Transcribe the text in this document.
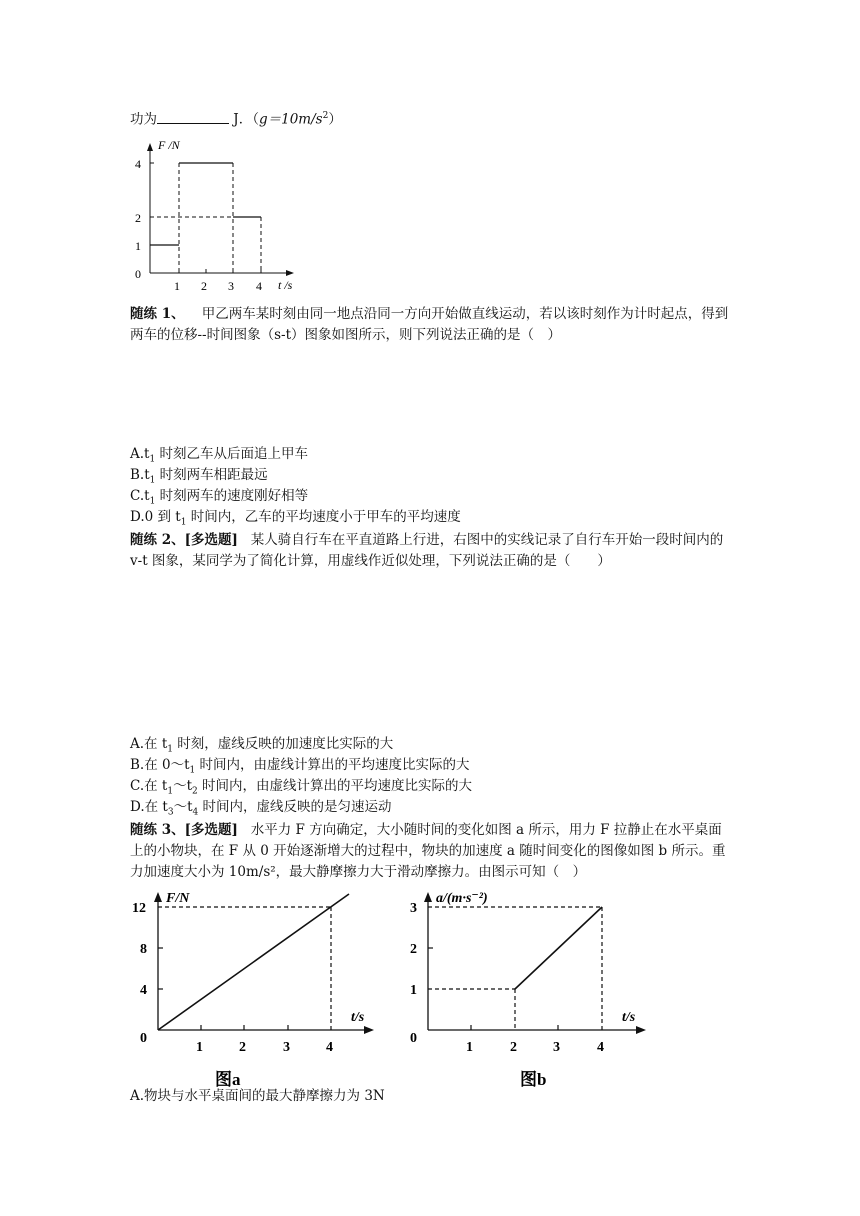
功为	J．$(g=10m/s^2)$
4
2
1
0
1 2 3 4
F /N
t /s
随练 1、 甲乙两车某时刻由同一地点沿同一方向开始做直线运动，若以该时刻作为计时起点，得到两车的位移--时间图象（s-t）图象如图所示，则下列说法正确的是（　）
$A.t_1$ 时刻乙车从后面追上甲车
$B.t_1$ 时刻两车相距最远
$C.t_1$ 时刻两车的速度刚好相等
D.0 到 $t_1$ 时间内，乙车的平均速度小于甲车的平均速度
随练 2、[多选题] 某人骑自行车在平直道路上行进，右图中的实线记录了自行车开始一段时间内的 v-t 图象，某同学为了简化计算，用虚线作近似处理，下列说法正确的是（　　）
A.在 $t_1$ 时刻，虚线反映的加速度比实际的大
B.在 $0\sim t_1$ 时间内，由虚线计算出的平均速度比实际的大
C.在 $t_1\sim t_2$ 时间内，由虚线计算出的平均速度比实际的大
D.在 $t_3\sim t_4$ 时间内，虚线反映的是匀速运动
随练 3、[多选题] 水平力 F 方向确定，大小随时间的变化如图 a 所示，用力 F 拉静止在水平桌面上的小物块，在 F 从 0 开始逐渐增大的过程中，物块的加速度 a 随时间变化的图像如图 b 所示。重力加速度大小为 10m/s²，最大静摩擦力大于滑动摩擦力。由图示可知（　）
12
8
4
0
1	2	3	4
F/N
t/s
图a
3
2
1
0
1	2	3	4
a/(m·s⁻²)
t/s
图b
A.物块与水平桌面间的最大静摩擦力为 3N
